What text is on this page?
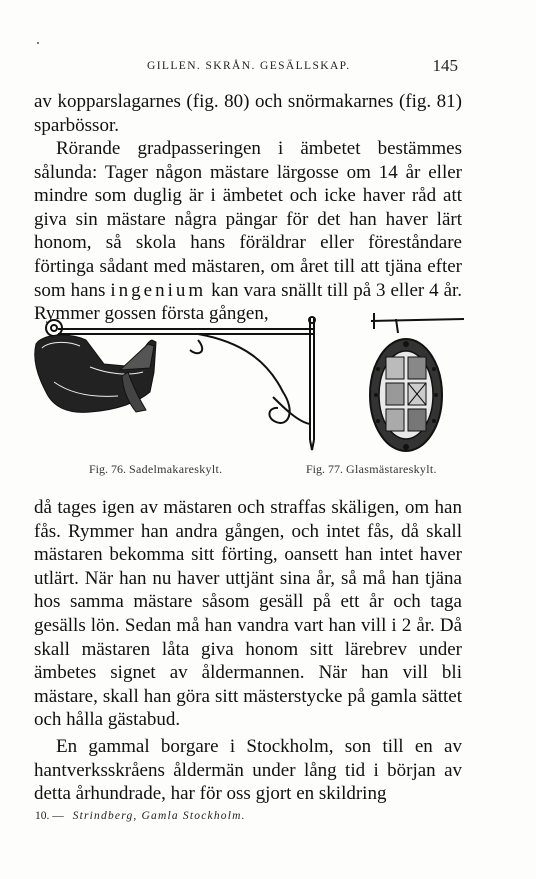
GILLEN. SKRÅN. GESÄLLSKAP.	145

av kopparslagarnes (fig. 80) och snörmakarnes (fig. 81) sparbössor.

Rörande gradpasseringen i ämbetet bestämmes sålunda: Tager någon mästare lärgosse om 14 år eller mindre som duglig är i ämbetet och icke haver råd att giva sin mästare några pängar för det han haver lärt honom, så skola hans föräldrar eller föreståndare förtinga sådant med mästaren, om året till att tjäna efter som hans ingenium kan vara snällt till på 3 eller 4 år. Rymmer gossen första gången,

Fig. 76. Sadelmakareskylt.	Fig. 77. Glasmästareskylt.

då tages igen av mästaren och straffas skäligen, om han fås. Rymmer han andra gången, och intet fås, då skall mästaren bekomma sitt förting, oansett han intet haver utlärt. När han nu haver uttjänt sina år, så må han tjäna hos samma mästare såsom gesäll på ett år och taga gesälls lön. Sedan må han vandra vart han vill i 2 år. Då skall mästaren låta giva honom sitt lärebrev under ämbetes signet av åldermannen. När han vill bli mästare, skall han göra sitt mästerstycke på gamla sättet och hålla gästabud.

En gammal borgare i Stockholm, son till en av hantverksskråens åldermän under lång tid i början av detta århundrade, har för oss gjort en skildring

10. — Strindberg, Gamla Stockholm.
